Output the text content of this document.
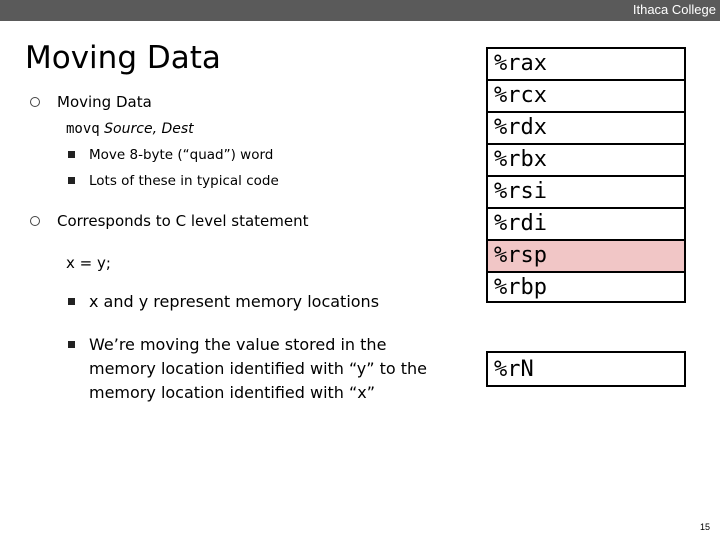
Ithaca College
Moving Data
Moving Data
movq Source, Dest
Move 8-byte (“quad”) word
Lots of these in typical code
Corresponds to C level statement
x = y;
x and y represent memory locations
We’re moving the value stored in the memory location identified with “y” to the memory location identified with “x”
%rax
%rcx
%rdx
%rbx
%rsi
%rdi
%rsp
%rbp
%rN
15
